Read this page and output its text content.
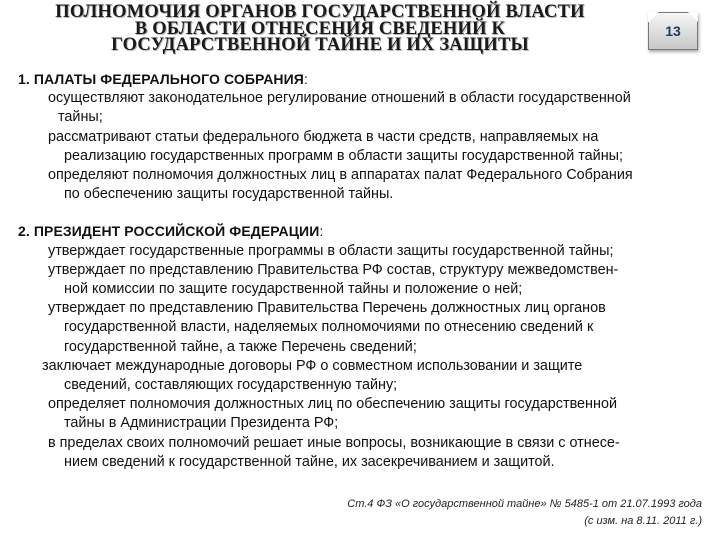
ПОЛНОМОЧИЯ ОРГАНОВ ГОСУДАРСТВЕННОЙ ВЛАСТИ
В ОБЛАСТИ ОТНЕСЕНИЯ СВЕДЕНИЙ К
ГОСУДАРСТВЕННОЙ ТАЙНЕ И ИХ ЗАЩИТЫ
13
1. ПАЛАТЫ ФЕДЕРАЛЬНОГО СОБРАНИЯ:
осуществляют законодательное регулирование отношений в области государственной
тайны;
рассматривают статьи федерального бюджета в части средств, направляемых на
реализацию государственных программ в области защиты государственной тайны;
определяют полномочия должностных лиц в аппаратах палат Федерального Собрания
по обеспечению защиты государственной тайны.
2. ПРЕЗИДЕНТ РОССИЙСКОЙ ФЕДЕРАЦИИ:
утверждает государственные программы в области защиты государственной тайны;
утверждает по представлению Правительства РФ состав, структуру межведомствен-
ной комиссии по защите государственной тайны и положение о ней;
утверждает по представлению Правительства Перечень должностных лиц органов
государственной власти, наделяемых полномочиями по отнесению сведений к
государственной тайне, а также Перечень сведений;
заключает международные договоры РФ о совместном использовании и защите
сведений, составляющих государственную тайну;
определяет полномочия должностных лиц по обеспечению защиты государственной
тайны в Администрации Президента РФ;
в пределах своих полномочий решает иные вопросы, возникающие в связи с отнесе-
нием сведений к государственной тайне, их засекречиванием и защитой.
Ст.4 ФЗ «О государственной тайне» № 5485-1 от 21.07.1993 года
(с изм. на 8.11. 2011 г.)
